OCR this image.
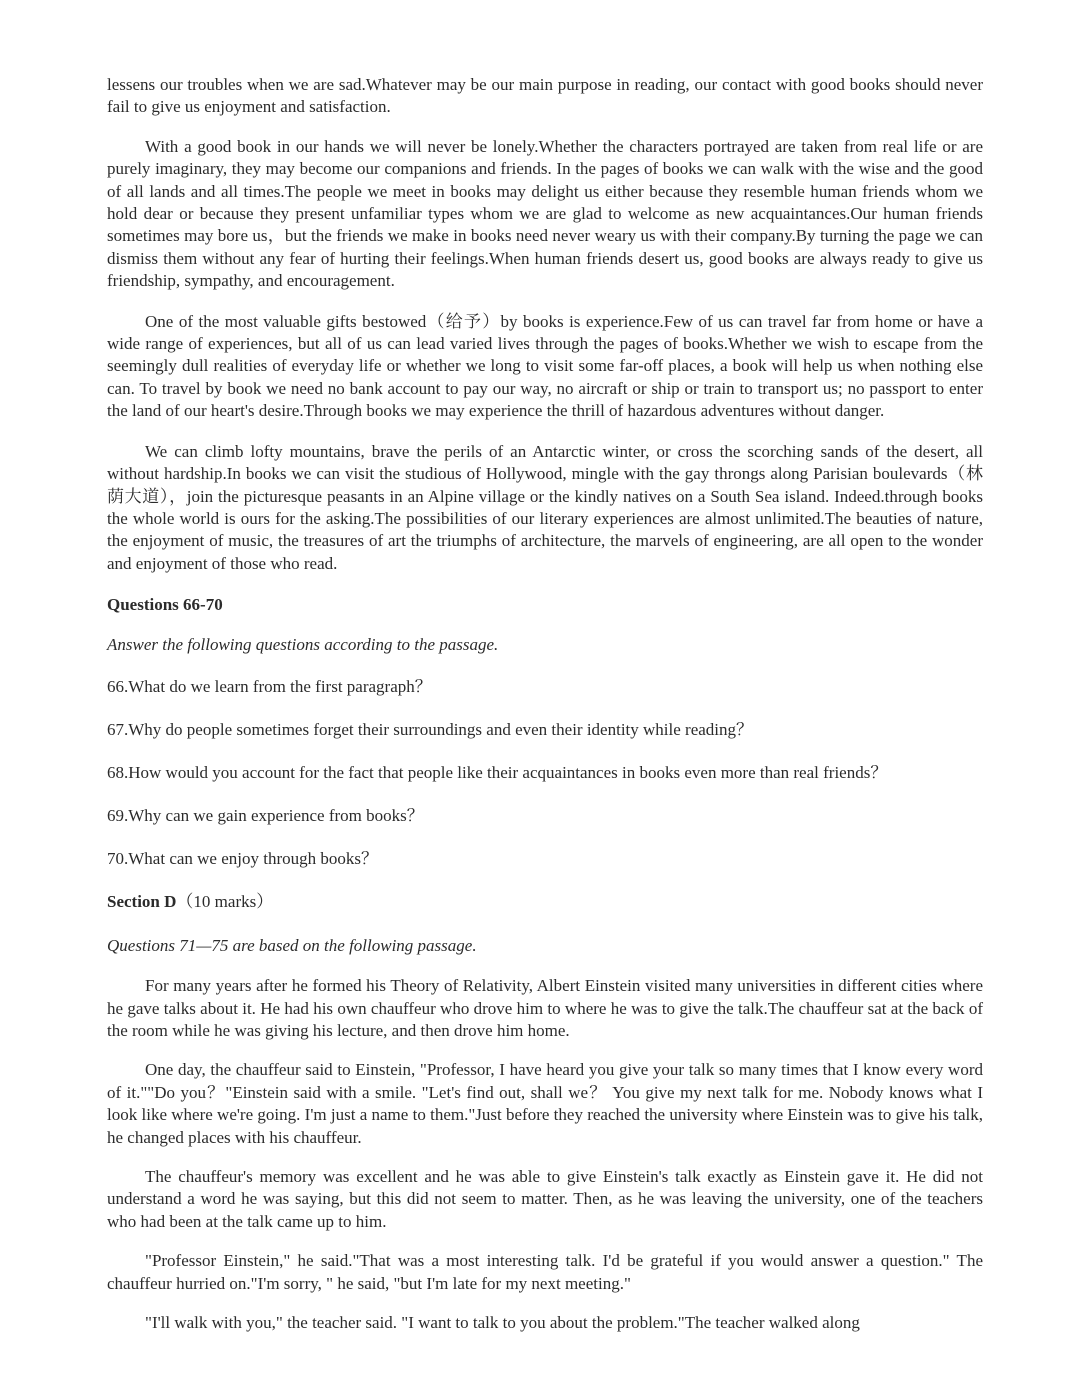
lessens our troubles when we are sad.Whatever may be our main purpose in reading, our contact with good books should never fail to give us enjoyment and satisfaction.

With a good book in our hands we will never be lonely.Whether the characters portrayed are taken from real life or are purely imaginary, they may become our companions and friends. In the pages of books we can walk with the wise and the good of all lands and all times.The people we meet in books may delight us either because they resemble human friends whom we hold dear or because they present unfamiliar types whom we are glad to welcome as new acquaintances.Our human friends sometimes may bore us，but the friends we make in books need never weary us with their company.By turning the page we can dismiss them without any fear of hurting their feelings.When human friends desert us, good books are always ready to give us friendship, sympathy, and encouragement.

One of the most valuable gifts bestowed（给予）by books is experience.Few of us can travel far from home or have a wide range of experiences, but all of us can lead varied lives through the pages of books.Whether we wish to escape from the seemingly dull realities of everyday life or whether we long to visit some far-off places, a book will help us when nothing else can. To travel by book we need no bank account to pay our way, no aircraft or ship or train to transport us; no passport to enter the land of our heart's desire.Through books we may experience the thrill of hazardous adventures without danger.

We can climb lofty mountains, brave the perils of an Antarctic winter, or cross the scorching sands of the desert, all without hardship.In books we can visit the studious of Hollywood, mingle with the gay throngs along Parisian boulevards（林荫大道），join the picturesque peasants in an Alpine village or the kindly natives on a South Sea island. Indeed.through books the whole world is ours for the asking.The possibilities of our literary experiences are almost unlimited.The beauties of nature, the enjoyment of music, the treasures of art the triumphs of architecture, the marvels of engineering, are all open to the wonder and enjoyment of those who read.

Questions 66-70

Answer the following questions according to the passage.

66.What do we learn from the first paragraph？

67.Why do people sometimes forget their surroundings and even their identity while reading？

68.How would you account for the fact that people like their acquaintances in books even more than real friends？

69.Why can we gain experience from books？

70.What can we enjoy through books？

Section D（10 marks）

Questions 71—75 are based on the following passage.

For many years after he formed his Theory of Relativity, Albert Einstein visited many universities in different cities where he gave talks about it. He had his own chauffeur who drove him to where he was to give the talk.The chauffeur sat at the back of the room while he was giving his lecture, and then drove him home.

One day, the chauffeur said to Einstein, "Professor, I have heard you give your talk so many times that I know every word of it.""Do you？"Einstein said with a smile. "Let's find out, shall we？ You give my next talk for me. Nobody knows what I look like where we're going. I'm just a name to them."Just before they reached the university where Einstein was to give his talk, he changed places with his chauffeur.

The chauffeur's memory was excellent and he was able to give Einstein's talk exactly as Einstein gave it. He did not understand a word he was saying, but this did not seem to matter. Then, as he was leaving the university, one of the teachers who had been at the talk came up to him.

"Professor Einstein," he said."That was a most interesting talk. I'd be grateful if you would answer a question." The chauffeur hurried on."I'm sorry, " he said, "but I'm late for my next meeting."

"I'll walk with you," the teacher said. "I want to talk to you about the problem."The teacher walked along
